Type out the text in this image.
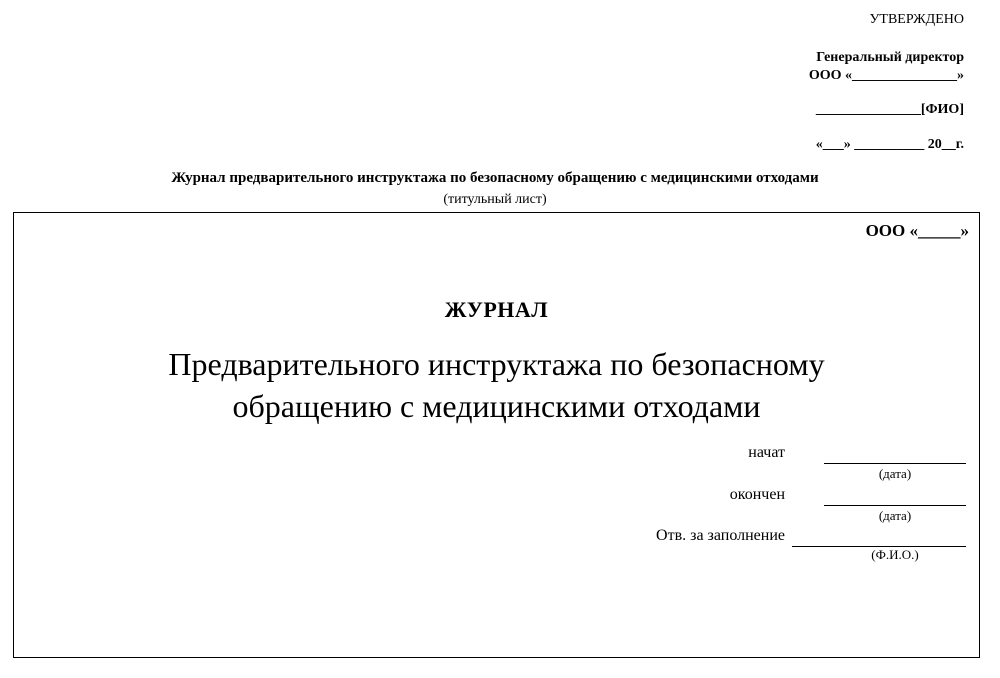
УТВЕРЖДЕНО
Генеральный директор
ООО «_______________»
_______________[ФИО]
«___» __________ 20__г.
Журнал предварительного инструктажа по безопасному обращению с медицинскими отходами
(титульный лист)
ООО «_____»
ЖУРНАЛ
Предварительного инструктажа по безопасному
обращению с медицинскими отходами
начат
(дата)
окончен
(дата)
Отв. за заполнение
(Ф.И.О.)
